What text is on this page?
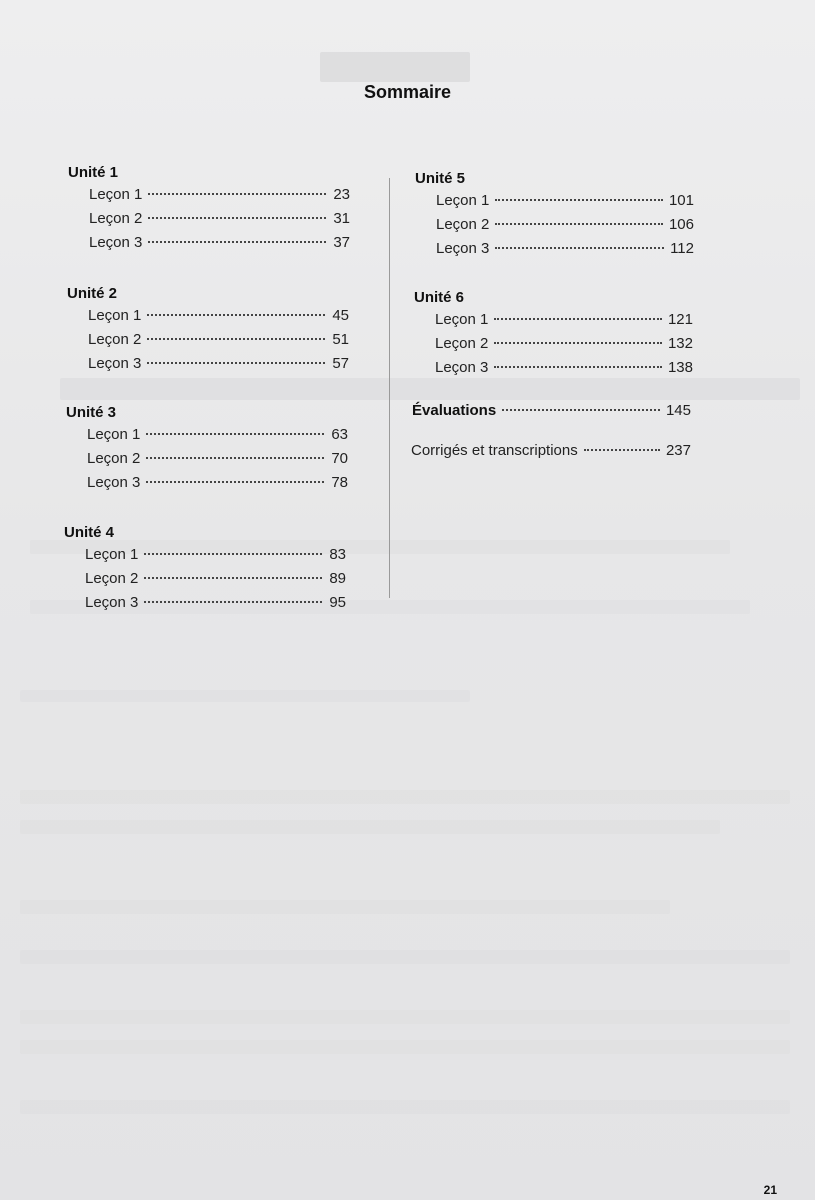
Sommaire
Unité 1
Leçon 1	23
Leçon 2	31
Leçon 3	37
Unité 2
Leçon 1	45
Leçon 2	51
Leçon 3	57
Unité 3
Leçon 1	63
Leçon 2	70
Leçon 3	78
Unité 4
Leçon 1	83
Leçon 2	89
Leçon 3	95
Unité 5
Leçon 1	101
Leçon 2	106
Leçon 3	112
Unité 6
Leçon 1	121
Leçon 2	132
Leçon 3	138
Évaluations	145
Corrigés et transcriptions	237
21
